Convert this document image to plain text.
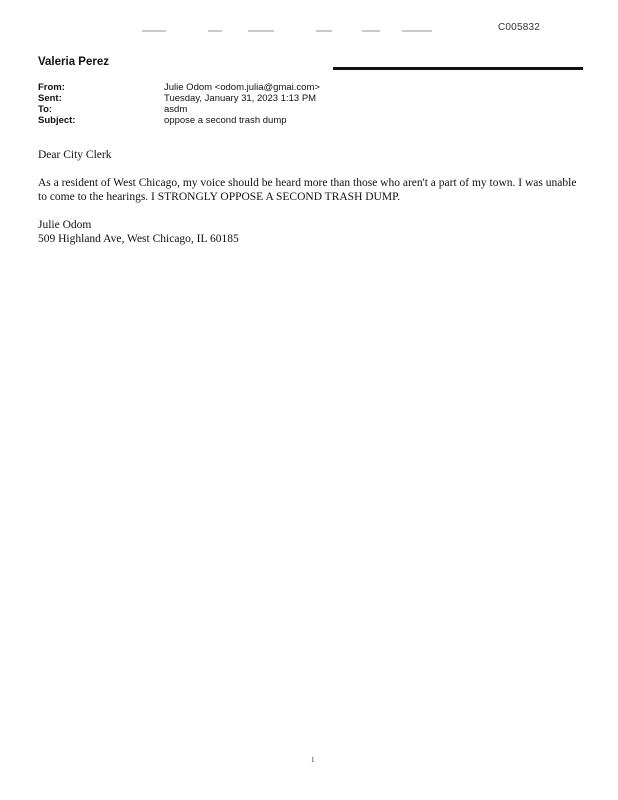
C005832
Valeria Perez
From:	Julie Odom <odom.julia@gmai.com>
Sent:	Tuesday, January 31, 2023 1:13 PM
To:	asdm
Subject:	oppose a second trash dump

Dear City Clerk

As a resident of West Chicago, my voice should be heard more than those who aren't a part of my town. I was unable to come to the hearings. I STRONGLY OPPOSE A SECOND TRASH DUMP.

Julie Odom

509 Highland Ave, West Chicago, IL 60185

1
